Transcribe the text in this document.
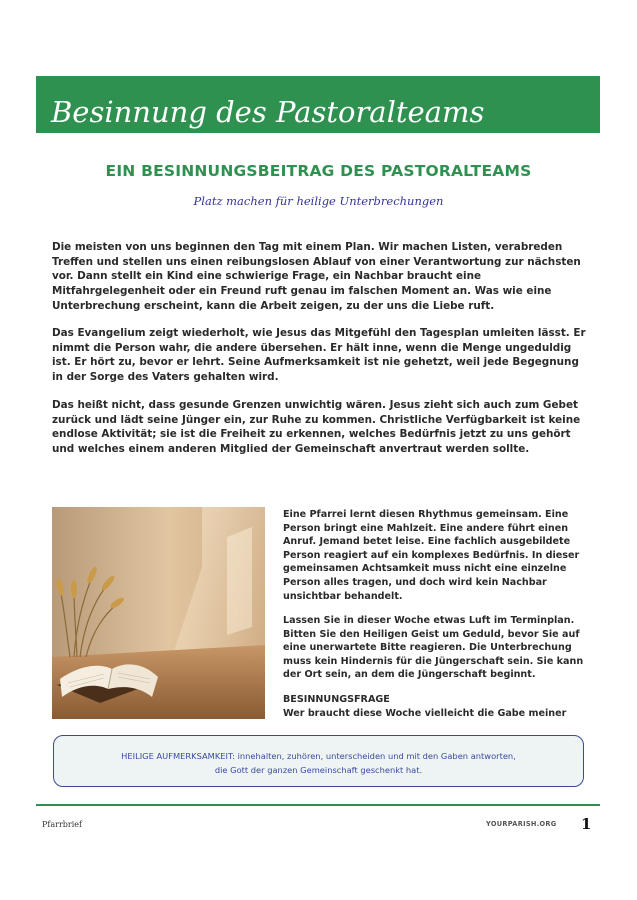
Besinnung des Pastoralteams
EIN BESINNUNGSBEITRAG DES PASTORALTEAMS

Platz machen für heilige Unterbrechungen

Die meisten von uns beginnen den Tag mit einem Plan. Wir machen Listen, verabreden Treffen und stellen uns einen reibungslosen Ablauf von einer Verantwortung zur nächsten vor. Dann stellt ein Kind eine schwierige Frage, ein Nachbar braucht eine Mitfahrgelegenheit oder ein Freund ruft genau im falschen Moment an. Was wie eine Unterbrechung erscheint, kann die Arbeit zeigen, zu der uns die Liebe ruft.

Das Evangelium zeigt wiederholt, wie Jesus das Mitgefühl den Tagesplan umleiten lässt. Er nimmt die Person wahr, die andere übersehen. Er hält inne, wenn die Menge ungeduldig ist. Er hört zu, bevor er lehrt. Seine Aufmerksamkeit ist nie gehetzt, weil jede Begegnung in der Sorge des Vaters gehalten wird.

Das heißt nicht, dass gesunde Grenzen unwichtig wären. Jesus zieht sich auch zum Gebet zurück und lädt seine Jünger ein, zur Ruhe zu kommen. Christliche Verfügbarkeit ist keine endlose Aktivität; sie ist die Freiheit zu erkennen, welches Bedürfnis jetzt zu uns gehört und welches einem anderen Mitglied der Gemeinschaft anvertraut werden sollte.

Eine Pfarrei lernt diesen Rhythmus gemeinsam. Eine Person bringt eine Mahlzeit. Eine andere führt einen Anruf. Jemand betet leise. Eine fachlich ausgebildete Person reagiert auf ein komplexes Bedürfnis. In dieser gemeinsamen Achtsamkeit muss nicht eine einzelne Person alles tragen, und doch wird kein Nachbar unsichtbar behandelt.

Lassen Sie in dieser Woche etwas Luft im Terminplan. Bitten Sie den Heiligen Geist um Geduld, bevor Sie auf eine unerwartete Bitte reagieren. Die Unterbrechung muss kein Hindernis für die Jüngerschaft sein. Sie kann der Ort sein, an dem die Jüngerschaft beginnt.

BESINNUNGSFRAGE
Wer braucht diese Woche vielleicht die Gabe meiner

HEILIGE AUFMERKSAMKEIT: innehalten, zuhören, unterscheiden und mit den Gaben antworten,

die Gott der ganzen Gemeinschaft geschenkt hat.

Pfarrbrief	YOURPARISH.ORG 1
